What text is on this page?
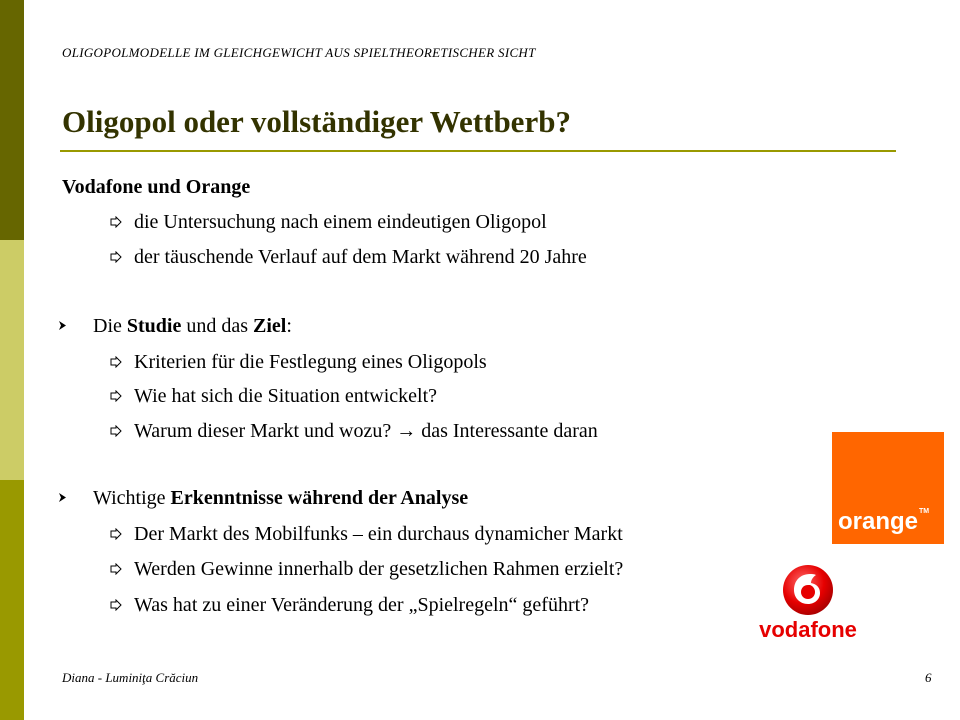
OLIGOPOLMODELLE IM GLEICHGEWICHT AUS SPIELTHEORETISCHER SICHT
Oligopol oder vollständiger Wettberb?
Vodafone und Orange
die Untersuchung nach einem eindeutigen Oligopol
der täuschende Verlauf auf dem Markt während 20 Jahre
Die Studie und das Ziel:
Kriterien für die Festlegung eines Oligopols
Wie hat sich die Situation entwickelt?
Warum dieser Markt und wozu? → das Interessante daran
Wichtige Erkenntnisse während der Analyse
Der Markt des Mobilfunks – ein durchaus dynamicher Markt
Werden Gewinne innerhalb der gesetzlichen Rahmen erzielt?
Was hat zu einer Veränderung der „Spielregeln“ geführt?
orange™
vodafone
Diana - Luminiţa Crăciun	6
